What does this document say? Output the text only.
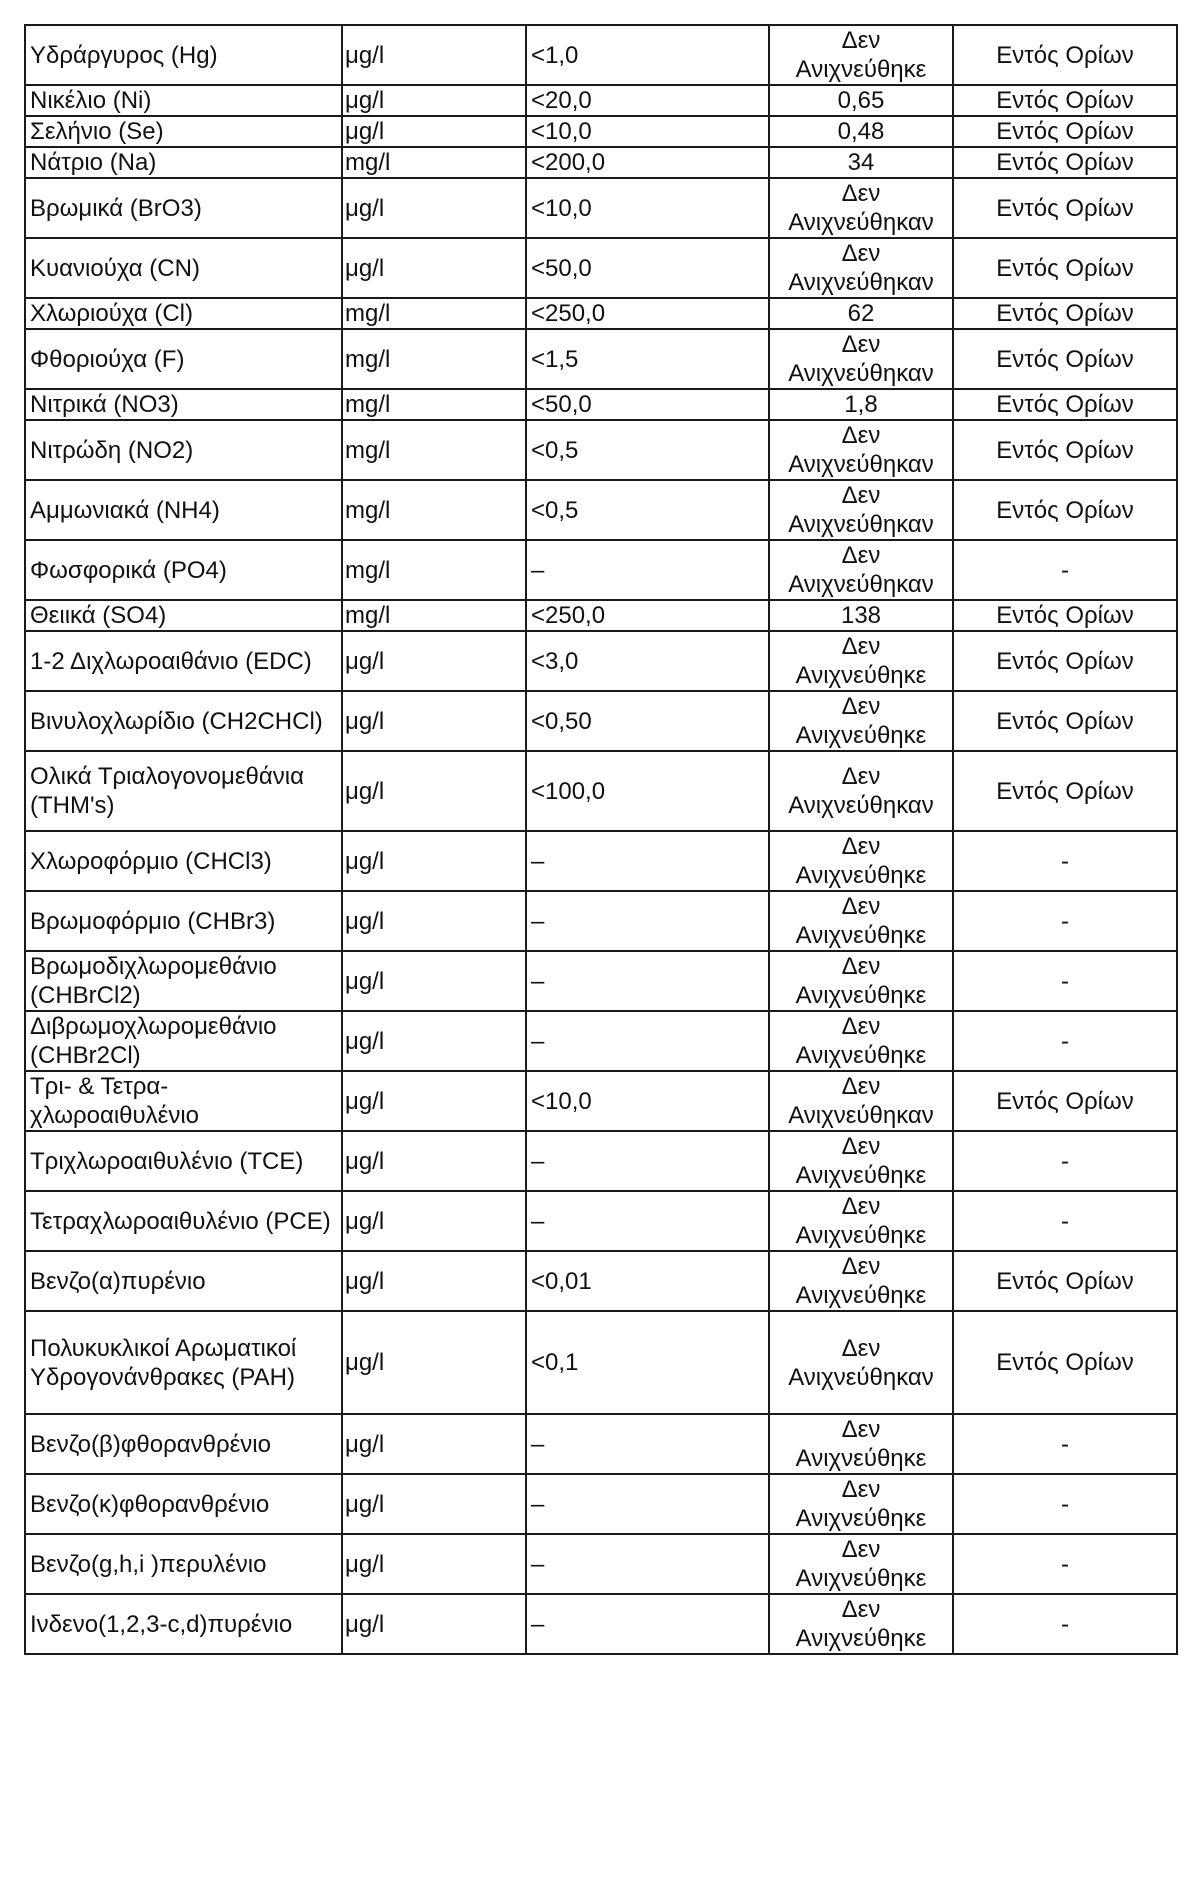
Υδράργυρος (Hg)	μg/l	<1,0	Δεν Ανιχνεύθηκε	Εντός Ορίων
Νικέλιο (Ni)	μg/l	<20,0	0,65	Εντός Ορίων
Σελήνιο (Se)	μg/l	<10,0	0,48	Εντός Ορίων
Νάτριο (Na)	mg/l	<200,0	34	Εντός Ορίων
Βρωμικά (BrO3)	μg/l	<10,0	Δεν Ανιχνεύθηκαν	Εντός Ορίων
Κυανιούχα (CN)	μg/l	<50,0	Δεν Ανιχνεύθηκαν	Εντός Ορίων
Χλωριούχα (Cl)	mg/l	<250,0	62	Εντός Ορίων
Φθοριούχα (F)	mg/l	<1,5	Δεν Ανιχνεύθηκαν	Εντός Ορίων
Νιτρικά (NO3)	mg/l	<50,0	1,8	Εντός Ορίων
Νιτρώδη (NO2)	mg/l	<0,5	Δεν Ανιχνεύθηκαν	Εντός Ορίων
Αμμωνιακά (NH4)	mg/l	<0,5	Δεν Ανιχνεύθηκαν	Εντός Ορίων
Φωσφορικά (PO4)	mg/l	–	Δεν Ανιχνεύθηκαν	-
Θειικά (SO4)	mg/l	<250,0	138	Εντός Ορίων
1-2 Διχλωροαιθάνιο (EDC)	μg/l	<3,0	Δεν Ανιχνεύθηκε	Εντός Ορίων
Βινυλοχλωρίδιο (CH2CHCl)	μg/l	<0,50	Δεν Ανιχνεύθηκε	Εντός Ορίων
Ολικά Τριαλογονομεθάνια (THM's)	μg/l	<100,0	Δεν Ανιχνεύθηκαν	Εντός Ορίων
Χλωροφόρμιο (CHCl3)	μg/l	–	Δεν Ανιχνεύθηκε	-
Βρωμοφόρμιο (CHBr3)	μg/l	–	Δεν Ανιχνεύθηκε	-
Βρωμοδιχλωρομεθάνιο (CHBrCl2)	μg/l	–	Δεν Ανιχνεύθηκε	-
Διβρωμοχλωρομεθάνιο (CHBr2Cl)	μg/l	–	Δεν Ανιχνεύθηκε	-
Τρι- & Τετρα- χλωροαιθυλένιο	μg/l	<10,0	Δεν Ανιχνεύθηκαν	Εντός Ορίων
Τριχλωροαιθυλένιο (TCE)	μg/l	–	Δεν Ανιχνεύθηκε	-
Τετραχλωροαιθυλένιο (PCE)	μg/l	–	Δεν Ανιχνεύθηκε	-
Βενζο(α)πυρένιο	μg/l	<0,01	Δεν Ανιχνεύθηκε	Εντός Ορίων
Πολυκυκλικοί Αρωματικοί Υδρογονάνθρακες (PAH)	μg/l	<0,1	Δεν Ανιχνεύθηκαν	Εντός Ορίων
Βενζο(β)φθορανθρένιο	μg/l	–	Δεν Ανιχνεύθηκε	-
Βενζο(κ)φθορανθρένιο	μg/l	–	Δεν Ανιχνεύθηκε	-
Βενζο(g,h,i )περυλένιο	μg/l	–	Δεν Ανιχνεύθηκε	-
Ινδενο(1,2,3-c,d)πυρένιο	μg/l	–	Δεν Ανιχνεύθηκε	-
